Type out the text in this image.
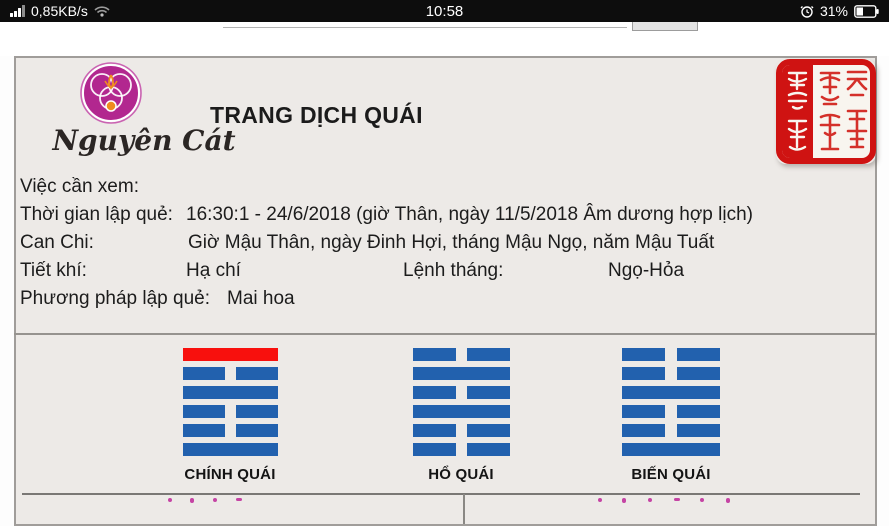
0,85KB/s	10:58	31%
Nguyên Cát
TRANG DỊCH QUÁI
Việc cần xem:
Thời gian lập quẻ: 16:30:1 - 24/6/2018 (giờ Thân, ngày 11/5/2018 Âm dương hợp lịch)
Can Chi:	Giờ Mậu Thân, ngày Đinh Hợi, tháng Mậu Ngọ, năm Mậu Tuất
Tiết khí:	Hạ chí	Lệnh tháng:	Ngọ-Hỏa
Phương pháp lập quẻ: Mai hoa
CHÍNH QUÁI	HỔ QUÁI	BIẾN QUÁI
